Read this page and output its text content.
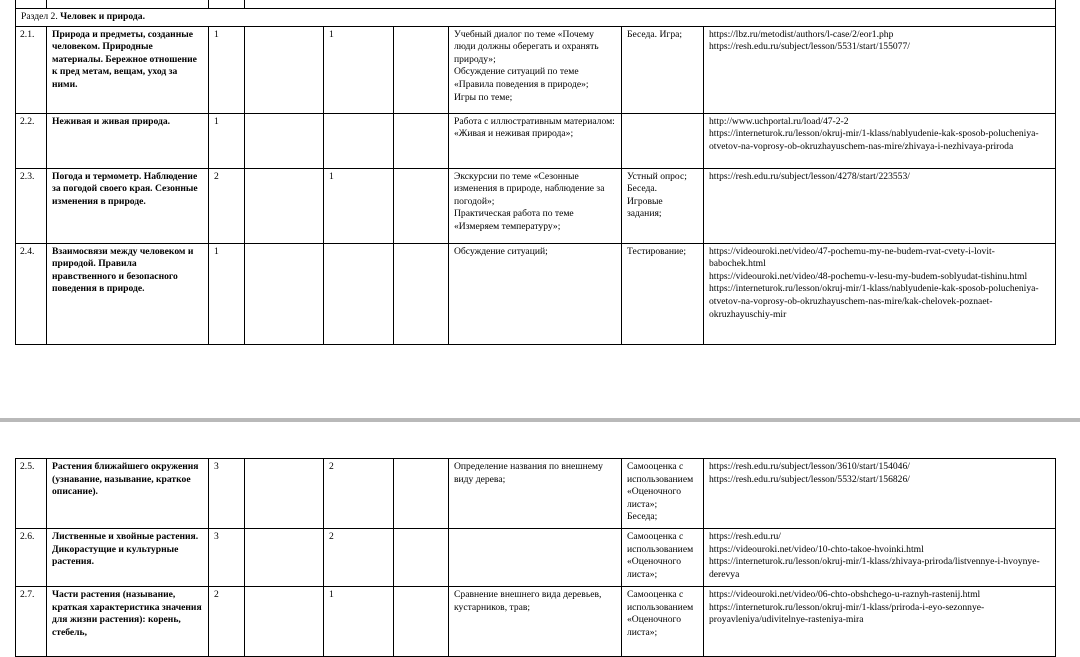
Раздел 2. Человек и природа.								
2.1.	Природа и предметы, созданные человеком. Природные материалы. Бережное отношение к пред метам, вещам, уход за ними.	1		1		Учебный диалог по теме «Почему люди должны оберегать и охранять природу»;
Обсуждение ситуаций по теме «Правила поведения в природе»;
Игры по теме;	Беседа. Игра;	https://lbz.ru/metodist/authors/l-case/2/eor1.php
https://resh.edu.ru/subject/lesson/5531/start/155077/

2.2.	Неживая и живая природа.	1				Работа с иллюстративным материалом: «Живая и неживая природа»;		http://www.uchportal.ru/load/47-2-2
https://interneturok.ru/lesson/okruj-mir/1-klass/nablyudenie-kak-sposob-polucheniya-otvetov-na-voprosy-ob-okruzhayuschem-nas-mire/zhivaya-i-nezhivaya-priroda

2.3.	Погода и термометр. Наблюдение за погодой своего края. Сезонные изменения в природе.	2		1		Экскурсии по теме «Сезонные изменения в природе, наблюдение за погодой»;
Практическая работа по теме «Измеряем температуру»;	Устный опрос;
Беседа.
Игровые задания;	https://resh.edu.ru/subject/lesson/4278/start/223553/

2.4.	Взаимосвязи между человеком и природой. Правила нравственного и безопасного поведения в природе.	1				Обсуждение ситуаций;	Тестирование;	https://videouroki.net/video/47-pochemu-my-ne-budem-rvat-cvety-i-lovit-babochek.html
https://videouroki.net/video/48-pochemu-v-lesu-my-budem-soblyudat-tishinu.html
https://interneturok.ru/lesson/okruj-mir/1-klass/nablyudenie-kak-sposob-polucheniya-otvetov-na-voprosy-ob-okruzhayuschem-nas-mire/kak-chelovek-poznaet-okruzhayuschiy-mir
2.5.	Растения ближайшего окружения (узнавание, называние, краткое описание).	3		2		Определение названия по внешнему виду дерева;	Самооценка с использованием «Оценочного листа»;
Беседа;	https://resh.edu.ru/subject/lesson/3610/start/154046/
https://resh.edu.ru/subject/lesson/5532/start/156826/

2.6.	Лиственные и хвойные растения. Дикорастущие и культурные растения.	3		2			Самооценка с использованием «Оценочного листа»;	https://resh.edu.ru/
https://videouroki.net/video/10-chto-takoe-hvoinki.html
https://interneturok.ru/lesson/okruj-mir/1-klass/zhivaya-priroda/listvennye-i-hvoynye-derevya

2.7.	Части растения (называние, краткая характеристика значения для жизни растения): корень, стебель,	2		1		Сравнение внешнего вида деревьев, кустарников, трав;	Самооценка с использованием «Оценочного листа»;	https://videouroki.net/video/06-chto-obshchego-u-raznyh-rastenij.html
https://interneturok.ru/lesson/okruj-mir/1-klass/priroda-i-eyo-sezonnye-proyavleniya/udivitelnye-rasteniya-mira
